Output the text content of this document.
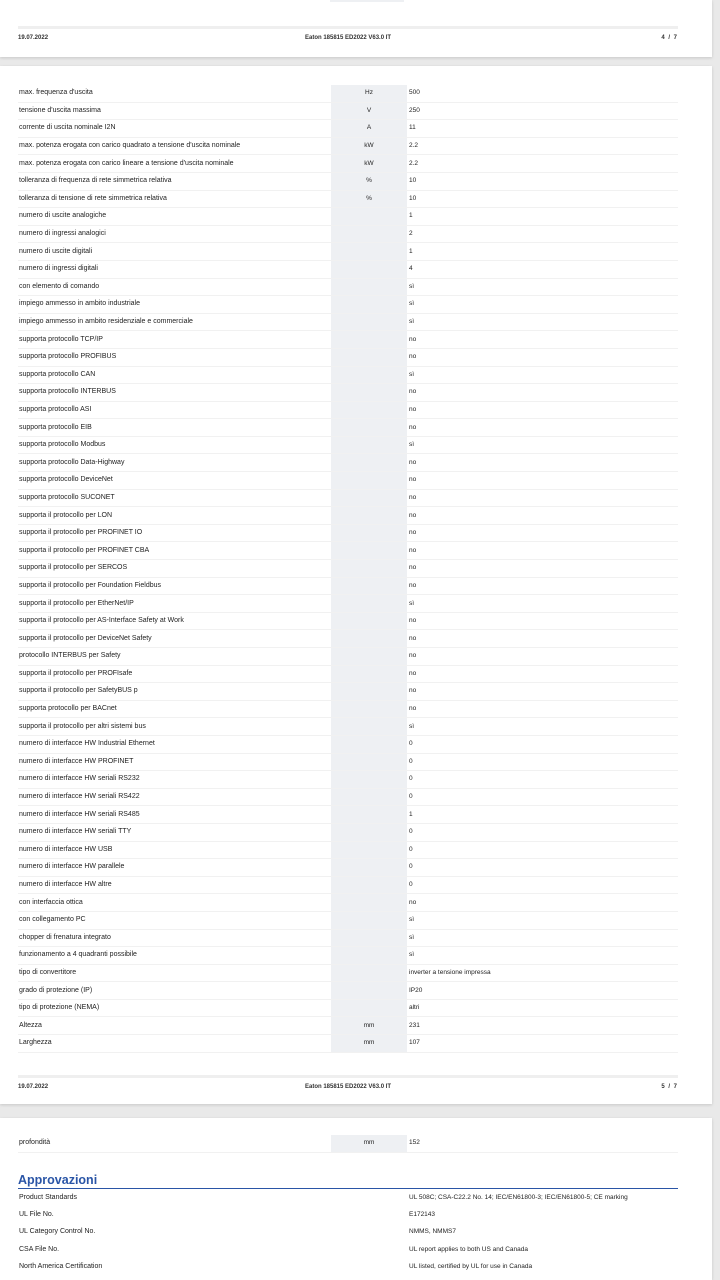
19.07.2022	Eaton 185815 ED2022 V63.0 IT	4 / 7
max. frequenza d'uscita	Hz	500
tensione d'uscita massima	V	250
corrente di uscita nominale I2N	A	11
max. potenza erogata con carico quadrato a tensione d'uscita nominale	kW	2.2
max. potenza erogata con carico lineare a tensione d'uscita nominale	kW	2.2
tolleranza di frequenza di rete simmetrica relativa	%	10
tolleranza di tensione di rete simmetrica relativa	%	10
numero di uscite analogiche		1
numero di ingressi analogici		2
numero di uscite digitali		1
numero di ingressi digitali		4
con elemento di comando		sì
impiego ammesso in ambito industriale		sì
impiego ammesso in ambito residenziale e commerciale		sì
supporta protocollo TCP/IP		no
supporta protocollo PROFIBUS		no
supporta protocollo CAN		sì
supporta protocollo INTERBUS		no
supporta protocollo ASI		no
supporta protocollo EIB		no
supporta protocollo Modbus		sì
supporta protocollo Data-Highway		no
supporta protocollo DeviceNet		no
supporta protocollo SUCONET		no
supporta il protocollo per LON		no
supporta il protocollo per PROFINET IO		no
supporta il protocollo per PROFINET CBA		no
supporta il protocollo per SERCOS		no
supporta il protocollo per Foundation Fieldbus		no
supporta il protocollo per EtherNet/IP		sì
supporta il protocollo per AS-Interface Safety at Work		no
supporta il protocollo per DeviceNet Safety		no
protocollo INTERBUS per Safety		no
supporta il protocollo per PROFIsafe		no
supporta il protocollo per SafetyBUS p		no
supporta protocollo per BACnet		no
supporta il protocollo per altri sistemi bus		sì
numero di interfacce HW Industrial Ethernet		0
numero di interfacce HW PROFINET		0
numero di interfacce HW seriali RS232		0
numero di interfacce HW seriali RS422		0
numero di interfacce HW seriali RS485		1
numero di interfacce HW seriali TTY		0
numero di interfacce HW USB		0
numero di interfacce HW parallele		0
numero di interfacce HW altre		0
con interfaccia ottica		no
con collegamento PC		sì
chopper di frenatura integrato		sì
funzionamento a 4 quadranti possibile		sì
tipo di convertitore		inverter a tensione impressa
grado di protezione (IP)		IP20
tipo di protezione (NEMA)		altri
Altezza	mm	231
Larghezza	mm	107
19.07.2022	Eaton 185815 ED2022 V63.0 IT	5 / 7
profondità	mm	152
Approvazioni
Product Standards		UL 508C; CSA-C22.2 No. 14; IEC/EN61800-3; IEC/EN61800-5; CE marking
UL File No.		E172143
UL Category Control No.		NMMS, NMMS7
CSA File No.		UL report applies to both US and Canada
North America Certification		UL listed, certified by UL for use in Canada
